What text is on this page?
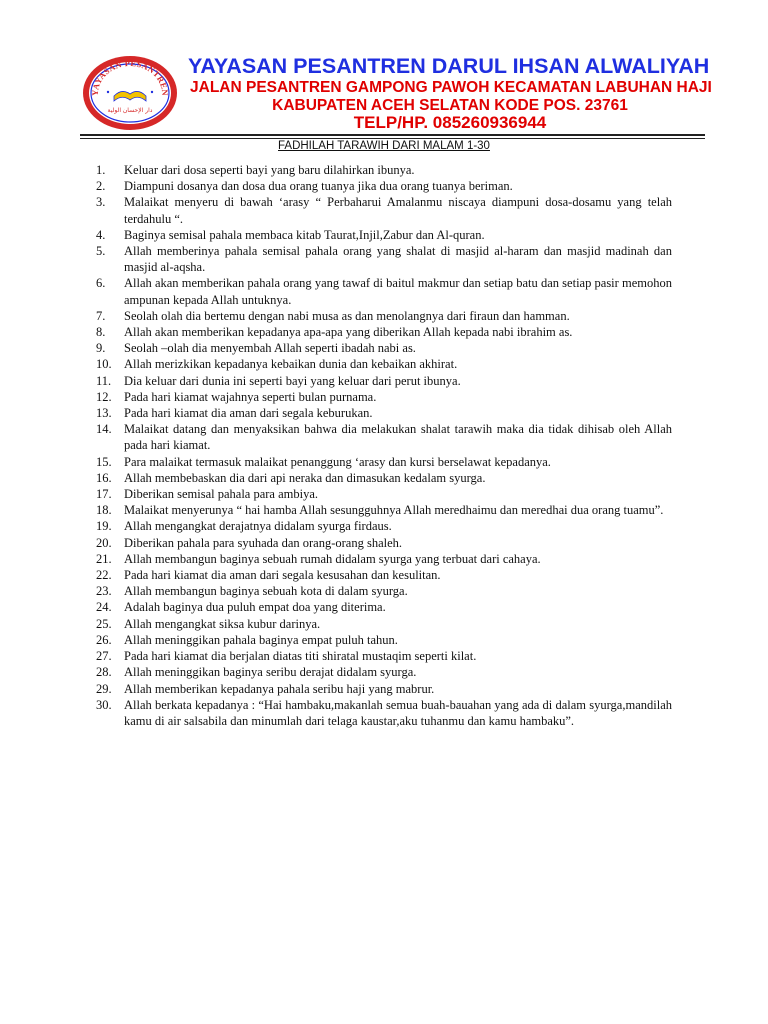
YAYASAN PESANTREN
دار الإحسان الولية
YAYASAN PESANTREN DARUL IHSAN ALWALIYAH
JALAN PESANTREN GAMPONG PAWOH KECAMATAN LABUHAN HAJI
KABUPATEN ACEH SELATAN KODE POS. 23761
TELP/HP. 085260936944
FADHILAH TARAWIH DARI MALAM 1-30
1.	Keluar dari dosa seperti bayi yang baru dilahirkan ibunya.
2.	Diampuni dosanya dan dosa dua orang tuanya jika dua orang tuanya beriman.
3.	Malaikat menyeru di bawah ‘arasy “ Perbaharui Amalanmu niscaya diampuni dosa-dosamu yang telah terdahulu “.
4.	Baginya semisal pahala membaca kitab Taurat,Injil,Zabur dan Al-quran.
5.	Allah memberinya pahala semisal pahala orang yang shalat di masjid al-haram dan masjid madinah dan masjid al-aqsha.
6.	Allah akan memberikan pahala orang yang tawaf di baitul makmur dan setiap batu dan setiap pasir memohon ampunan kepada Allah untuknya.
7.	Seolah olah dia bertemu dengan nabi musa as dan menolangnya dari firaun dan hamman.
8.	Allah akan memberikan kepadanya apa-apa yang diberikan Allah kepada nabi ibrahim as.
9.	Seolah –olah dia menyembah Allah seperti ibadah nabi as.
10. Allah merizkikan kepadanya kebaikan dunia dan kebaikan akhirat.
11.	Dia keluar dari dunia ini seperti bayi yang keluar dari perut ibunya.
12. Pada hari kiamat wajahnya seperti bulan purnama.
13. Pada hari kiamat dia aman dari segala keburukan.
14. Malaikat datang dan menyaksikan bahwa dia melakukan shalat tarawih maka dia tidak dihisab oleh Allah pada hari kiamat.
15. Para malaikat termasuk malaikat penanggung ‘arasy dan kursi berselawat kepadanya.
16. Allah membebaskan dia dari api neraka dan dimasukan kedalam syurga.
17. Diberikan semisal pahala para ambiya.
18. Malaikat menyerunya “ hai hamba Allah sesungguhnya Allah meredhaimu dan meredhai dua orang tuamu”.
19. Allah mengangkat derajatnya didalam syurga firdaus.
20. Diberikan pahala para syuhada dan orang-orang shaleh.
21. Allah membangun baginya sebuah rumah didalam syurga yang terbuat dari cahaya.
22. Pada hari kiamat dia aman dari segala kesusahan dan kesulitan.
23. Allah membangun baginya sebuah kota di dalam syurga.
24. Adalah baginya dua puluh empat doa yang diterima.
25. Allah mengangkat siksa kubur darinya.
26. Allah meninggikan pahala baginya empat puluh tahun.
27. Pada hari kiamat dia berjalan diatas titi shiratal mustaqim seperti kilat.
28. Allah meninggikan baginya seribu derajat didalam syurga.
29. Allah memberikan kepadanya pahala seribu haji yang mabrur.
30. Allah berkata kepadanya : “Hai hambaku,makanlah semua buah-bauahan yang ada di dalam syurga,mandilah kamu di air salsabila dan minumlah dari telaga kaustar,aku tuhanmu dan kamu hambaku”.
